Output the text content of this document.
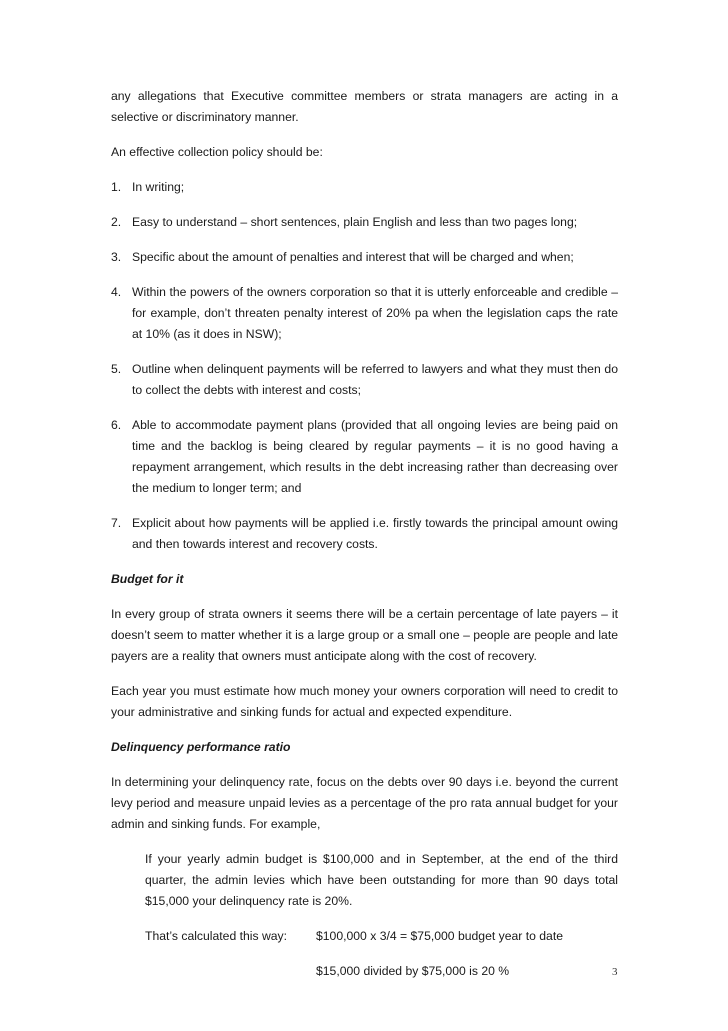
any allegations that Executive committee members or strata managers are acting in a selective or discriminatory manner.

An effective collection policy should be:

1. In writing;
2. Easy to understand – short sentences, plain English and less than two pages long;
3. Specific about the amount of penalties and interest that will be charged and when;
4. Within the powers of the owners corporation so that it is utterly enforceable and credible – for example, don’t threaten penalty interest of 20% pa when the legislation caps the rate at 10% (as it does in NSW);
5. Outline when delinquent payments will be referred to lawyers and what they must then do to collect the debts with interest and costs;
6. Able to accommodate payment plans (provided that all ongoing levies are being paid on time and the backlog is being cleared by regular payments – it is no good having a repayment arrangement, which results in the debt increasing rather than decreasing over the medium to longer term; and
7. Explicit about how payments will be applied i.e. firstly towards the principal amount owing and then towards interest and recovery costs.

Budget for it

In every group of strata owners it seems there will be a certain percentage of late payers – it doesn’t seem to matter whether it is a large group or a small one – people are people and late payers are a reality that owners must anticipate along with the cost of recovery.

Each year you must estimate how much money your owners corporation will need to credit to your administrative and sinking funds for actual and expected expenditure.

Delinquency performance ratio

In determining your delinquency rate, focus on the debts over 90 days i.e. beyond the current levy period and measure unpaid levies as a percentage of the pro rata annual budget for your admin and sinking funds. For example,

If your yearly admin budget is $100,000 and in September, at the end of the third quarter, the admin levies which have been outstanding for more than 90 days total $15,000 your delinquency rate is 20%.

That’s calculated this way:	$100,000 x 3/4 = $75,000 budget year to date
$15,000 divided by $75,000 is 20 %	3
